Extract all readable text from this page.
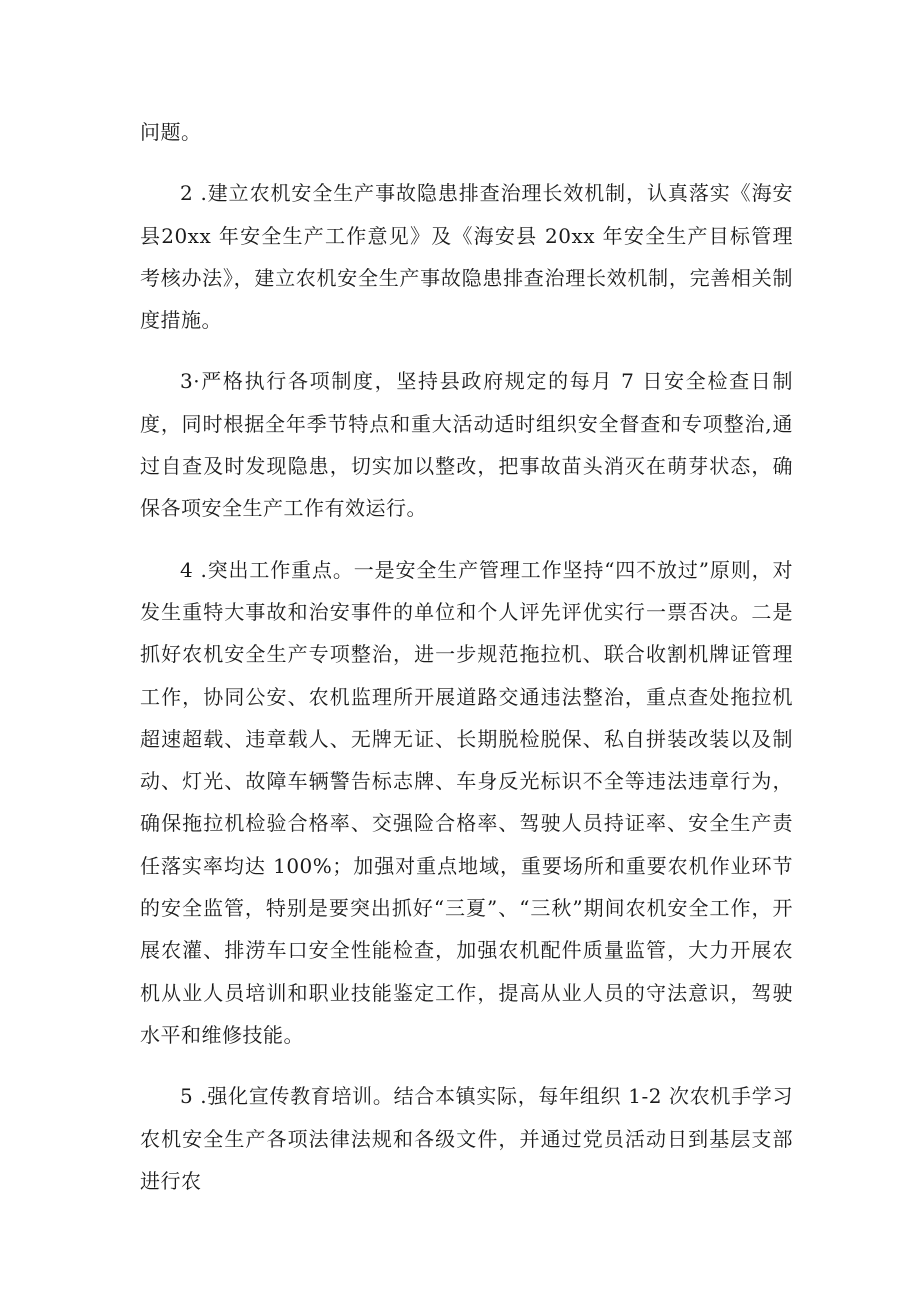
问题。

2 .建立农机安全生产事故隐患排查治理长效机制，认真落实《海安县20xx 年安全生产工作意见》及《海安县 20xx 年安全生产目标管理考核办法》，建立农机安全生产事故隐患排查治理长效机制，完善相关制度措施。

3·严格执行各项制度，坚持县政府规定的每月 7 日安全检查日制度，同时根据全年季节特点和重大活动适时组织安全督查和专项整治,通过自查及时发现隐患，切实加以整改，把事故苗头消灭在萌芽状态，确保各项安全生产工作有效运行。

4 .突出工作重点。一是安全生产管理工作坚持“四不放过”原则，对发生重特大事故和治安事件的单位和个人评先评优实行一票否决。二是抓好农机安全生产专项整治，进一步规范拖拉机、联合收割机牌证管理工作，协同公安、农机监理所开展道路交通违法整治，重点查处拖拉机超速超载、违章载人、无牌无证、长期脱检脱保、私自拼装改装以及制动、灯光、故障车辆警告标志牌、车身反光标识不全等违法违章行为，确保拖拉机检验合格率、交强险合格率、驾驶人员持证率、安全生产责任落实率均达 100%；加强对重点地域，重要场所和重要农机作业环节的安全监管，特别是要突出抓好“三夏”、“三秋”期间农机安全工作，开展农灌、排涝车口安全性能检查，加强农机配件质量监管，大力开展农机从业人员培训和职业技能鉴定工作，提高从业人员的守法意识，驾驶水平和维修技能。

5 .强化宣传教育培训。结合本镇实际，每年组织 1-2 次农机手学习农机安全生产各项法律法规和各级文件，并通过党员活动日到基层支部进行农
